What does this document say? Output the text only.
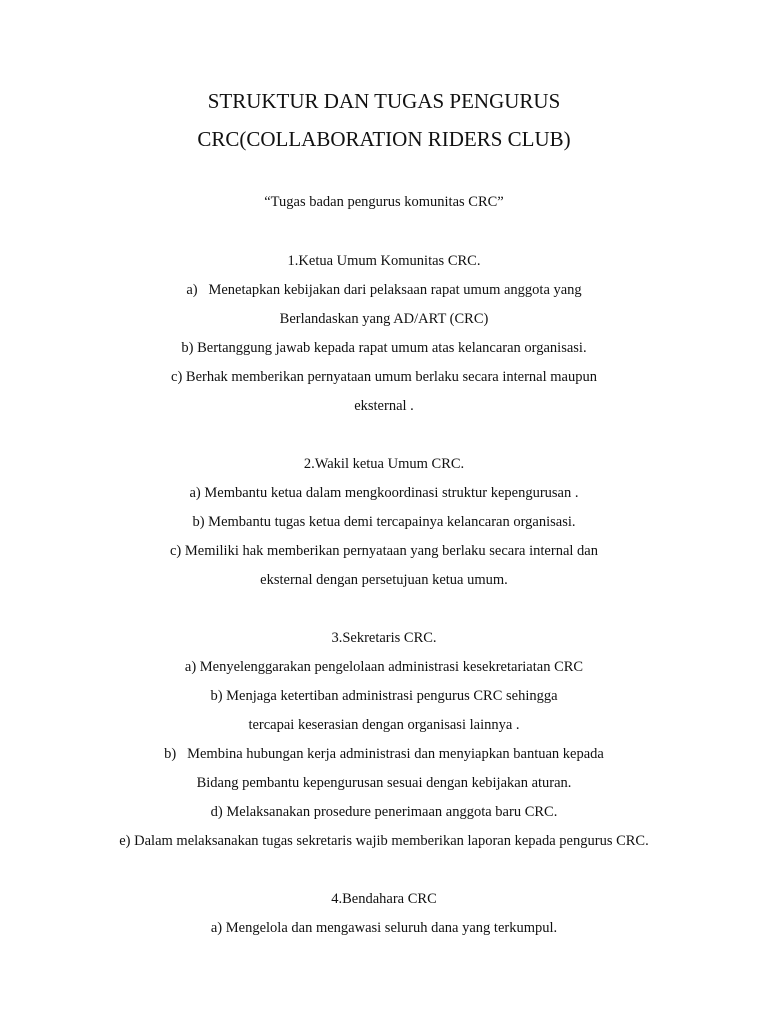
STRUKTUR DAN TUGAS PENGURUS
CRC(COLLABORATION RIDERS CLUB)
“Tugas badan pengurus komunitas CRC”
1.Ketua Umum Komunitas CRC.
a)   Menetapkan kebijakan dari pelaksaan rapat umum anggota yang
Berlandaskan yang AD/ART (CRC)
b) Bertanggung jawab kepada rapat umum atas kelancaran organisasi.
c) Berhak memberikan pernyataan umum berlaku secara internal maupun
eksternal .
2.Wakil ketua Umum CRC.
a) Membantu ketua dalam mengkoordinasi struktur kepengurusan .
b) Membantu tugas ketua demi tercapainya kelancaran organisasi.
c) Memiliki hak memberikan pernyataan yang berlaku secara internal dan
eksternal dengan persetujuan ketua umum.
3.Sekretaris CRC.
a) Menyelenggarakan pengelolaan administrasi kesekretariatan CRC
b) Menjaga ketertiban administrasi pengurus CRC sehingga
tercapai keserasian dengan organisasi lainnya .
b)   Membina hubungan kerja administrasi dan menyiapkan bantuan kepada
Bidang pembantu kepengurusan sesuai dengan kebijakan aturan.
d) Melaksanakan prosedure penerimaan anggota baru CRC.
e) Dalam melaksanakan tugas sekretaris wajib memberikan laporan kepada pengurus CRC.
4.Bendahara CRC
a) Mengelola dan mengawasi seluruh dana yang terkumpul.
